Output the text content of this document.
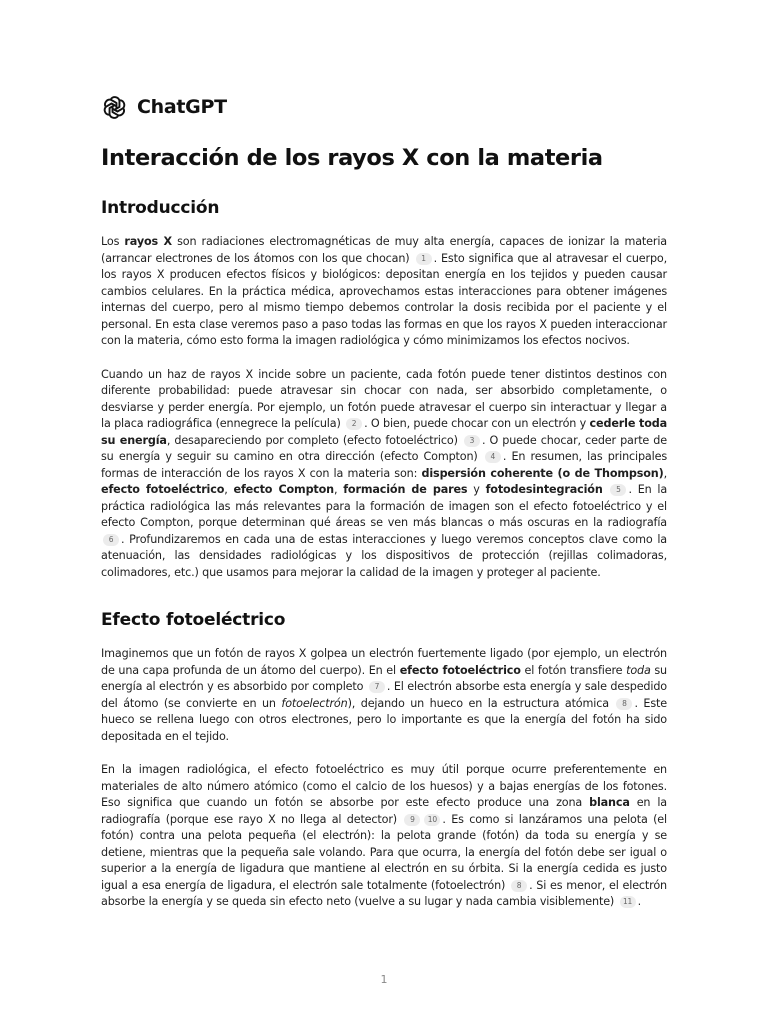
ChatGPT
Interacción de los rayos X con la materia
Introducción

Los rayos X son radiaciones electromagnéticas de muy alta energía, capaces de ionizar la materia (arrancar electrones de los átomos con los que chocan) 1 . Esto significa que al atravesar el cuerpo, los rayos X producen efectos físicos y biológicos: depositan energía en los tejidos y pueden causar cambios celulares. En la práctica médica, aprovechamos estas interacciones para obtener imágenes internas del cuerpo, pero al mismo tiempo debemos controlar la dosis recibida por el paciente y el personal. En esta clase veremos paso a paso todas las formas en que los rayos X pueden interaccionar con la materia, cómo esto forma la imagen radiológica y cómo minimizamos los efectos nocivos.

Cuando un haz de rayos X incide sobre un paciente, cada fotón puede tener distintos destinos con diferente probabilidad: puede atravesar sin chocar con nada, ser absorbido completamente, o desviarse y perder energía. Por ejemplo, un fotón puede atravesar el cuerpo sin interactuar y llegar a la placa radiográfica (ennegrece la película) 2 . O bien, puede chocar con un electrón y cederle toda su energía, desapareciendo por completo (efecto fotoeléctrico) 3 . O puede chocar, ceder parte de su energía y seguir su camino en otra dirección (efecto Compton) 4 . En resumen, las principales formas de interacción de los rayos X con la materia son: dispersión coherente (o de Thompson), efecto fotoeléctrico, efecto Compton, formación de pares y fotodesintegración 5 . En la práctica radiológica las más relevantes para la formación de imagen son el efecto fotoeléctrico y el efecto Compton, porque determinan qué áreas se ven más blancas o más oscuras en la radiografía 6 . Profundizaremos en cada una de estas interacciones y luego veremos conceptos clave como la atenuación, las densidades radiológicas y los dispositivos de protección (rejillas colimadoras, colimadores, etc.) que usamos para mejorar la calidad de la imagen y proteger al paciente.

Efecto fotoeléctrico

Imaginemos que un fotón de rayos X golpea un electrón fuertemente ligado (por ejemplo, un electrón de una capa profunda de un átomo del cuerpo). En el efecto fotoeléctrico el fotón transfiere toda su energía al electrón y es absorbido por completo 7 . El electrón absorbe esta energía y sale despedido del átomo (se convierte en un fotoelectrón), dejando un hueco en la estructura atómica 8 . Este hueco se rellena luego con otros electrones, pero lo importante es que la energía del fotón ha sido depositada en el tejido.

En la imagen radiológica, el efecto fotoeléctrico es muy útil porque ocurre preferentemente en materiales de alto número atómico (como el calcio de los huesos) y a bajas energías de los fotones. Eso significa que cuando un fotón se absorbe por este efecto produce una zona blanca en la radiografía (porque ese rayo X no llega al detector) 9 10 . Es como si lanzáramos una pelota (el fotón) contra una pelota pequeña (el electrón): la pelota grande (fotón) da toda su energía y se detiene, mientras que la pequeña sale volando. Para que ocurra, la energía del fotón debe ser igual o superior a la energía de ligadura que mantiene al electrón en su órbita. Si la energía cedida es justo igual a esa energía de ligadura, el electrón sale totalmente (fotoelectrón) 8 . Si es menor, el electrón absorbe la energía y se queda sin efecto neto (vuelve a su lugar y nada cambia visiblemente) 11 .

1
